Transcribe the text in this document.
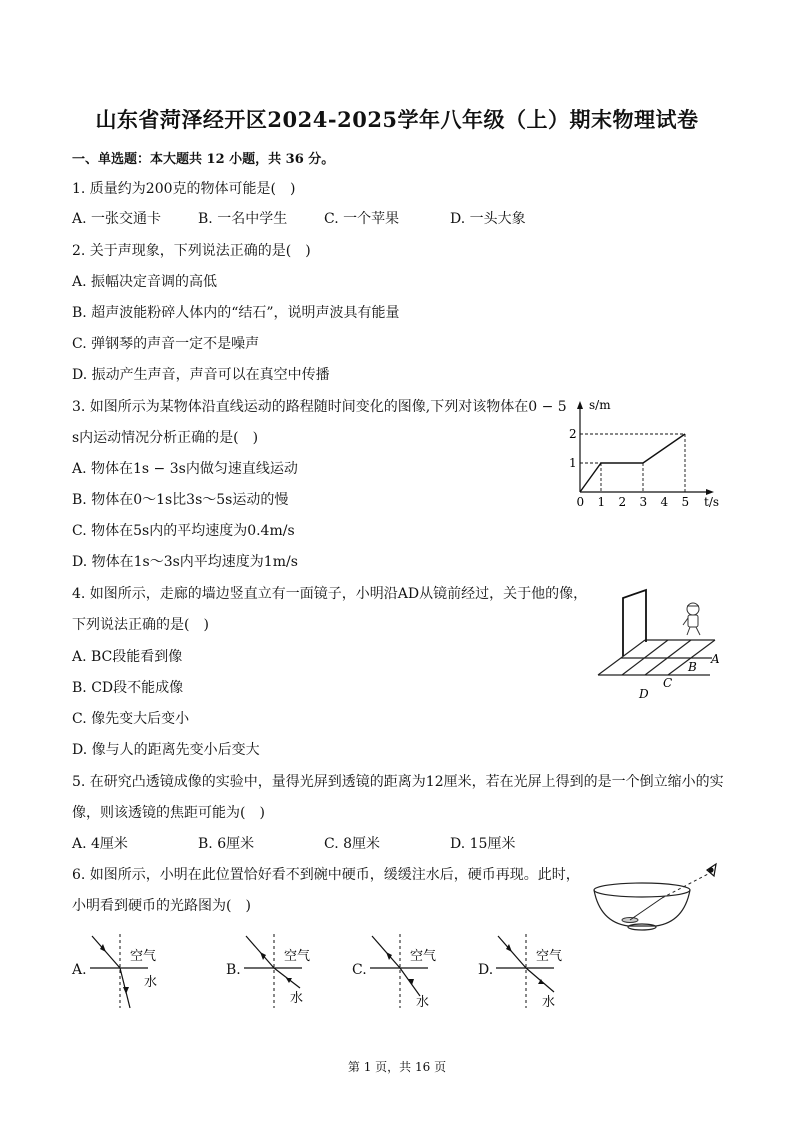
山东省菏泽经开区2024-2025学年八年级（上）期末物理试卷
一、单选题：本大题共 12 小题，共 36 分。
1. 质量约为200克的物体可能是(　)
A. 一张交通卡	B. 一名中学生	C. 一个苹果	D. 一头大象
2. 关于声现象，下列说法正确的是(　)
A. 振幅决定音调的高低
B. 超声波能粉碎人体内的“结石”，说明声波具有能量
C. 弹钢琴的声音一定不是噪声
D. 振动产生声音，声音可以在真空中传播
3. 如图所示为某物体沿直线运动的路程随时间变化的图像,下列对该物体在0 − 5
s内运动情况分析正确的是(　)
A. 物体在1s − 3s内做匀速直线运动
B. 物体在0～1s比3s～5s运动的慢
C. 物体在5s内的平均速度为0.4m/s
D. 物体在1s～3s内平均速度为1m/s
s/m
t/s
0 1 2 3 4 5
1
2
4. 如图所示，走廊的墙边竖直立有一面镜子，小明沿AD从镜前经过，关于他的像，
下列说法正确的是(　)
A. BC段能看到像
B. CD段不能成像
C. 像先变大后变小
D. 像与人的距离先变小后变大
A
B
C
D
5. 在研究凸透镜成像的实验中，量得光屏到透镜的距离为12厘米，若在光屏上得到的是一个倒立缩小的实
像，则该透镜的焦距可能为(　)
A. 4厘米	B. 6厘米	C. 8厘米	D. 15厘米
6. 如图所示，小明在此位置恰好看不到碗中硬币，缓缓注水后，硬币再现。此时，
小明看到硬币的光路图为(　)
A.
空气
水
B.
空气
水
C.
空气
水
D.
空气
水
第 1 页，共 16 页
